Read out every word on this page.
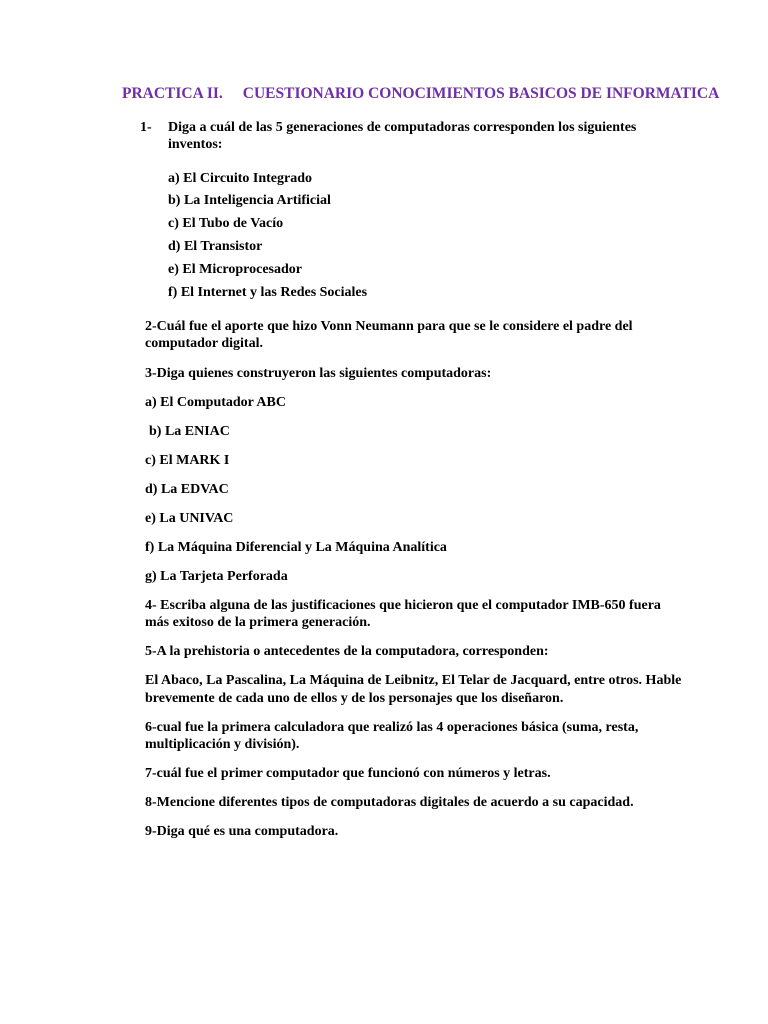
PRACTICA II. CUESTIONARIO CONOCIMIENTOS BASICOS DE INFORMATICA

1- Diga a cuál de las 5 generaciones de computadoras corresponden los siguientes

inventos:

a) El Circuito Integrado

b) La Inteligencia Artificial

c) El Tubo de Vacío

d) El Transistor

e) El Microprocesador

f) El Internet y las Redes Sociales

2-Cuál fue el aporte que hizo Vonn Neumann para que se le considere el padre del

computador digital.

3-Diga quienes construyeron las siguientes computadoras:

a) El Computador ABC

b) La ENIAC

c) El MARK I

d) La EDVAC

e) La UNIVAC

f) La Máquina Diferencial y La Máquina Analítica

g) La Tarjeta Perforada

4- Escriba alguna de las justificaciones que hicieron que el computador IMB-650 fuera

más exitoso de la primera generación.

5-A la prehistoria o antecedentes de la computadora, corresponden:

El Abaco, La Pascalina, La Máquina de Leibnitz, El Telar de Jacquard, entre otros. Hable

brevemente de cada uno de ellos y de los personajes que los diseñaron.

6-cual fue la primera calculadora que realizó las 4 operaciones básica (suma, resta,

multiplicación y división).

7-cuál fue el primer computador que funcionó con números y letras.

8-Mencione diferentes tipos de computadoras digitales de acuerdo a su capacidad.

9-Diga qué es una computadora.
